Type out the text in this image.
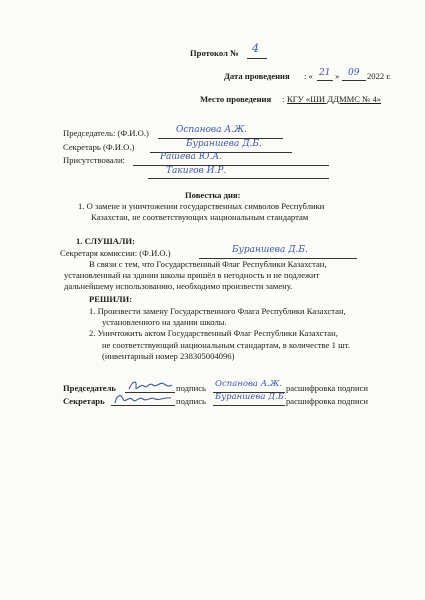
Протокол № 4
Дата проведения : « 21 » 09 2022 г.
Место проведения : КГУ «ШИ ДДММС № 4»
Председатель: (Ф.И.О.)	Оспанова А.Ж.
Секретарь (Ф.И.О.)	Бураншева Д.Б.
Присутствовали:	Рашева Ю.А.
Такигов И.Р.
Повестка дня:
1. О замене и уничтожении государственных символов Республики
Казахстан, не соответствующих национальным стандартам
1. СЛУШАЛИ:
Секретаря комиссии: (Ф.И.О.)	Бураншева Д.Б.
В связи с тем, что Государственный Флаг Республики Казахстан,
установленный на здании школы пришёл в негодность и не подлежит
дальнейшему использованию, необходимо произвести замену.
РЕШИЛИ:
1. Произвести замену Государственного Флага Республики Казахстан,
установленного на здании школы.
2. Уничтожить актом Государственный Флаг Республики Казахстан,
не соответствующий национальным стандартам, в количестве 1 шт.
(инвентарный номер 238305004096)
Председатель	подпись Оспанова А.Ж. расшифровка подписи
Секретарь	подпись Бураншева Д.Б. расшифровка подписи
